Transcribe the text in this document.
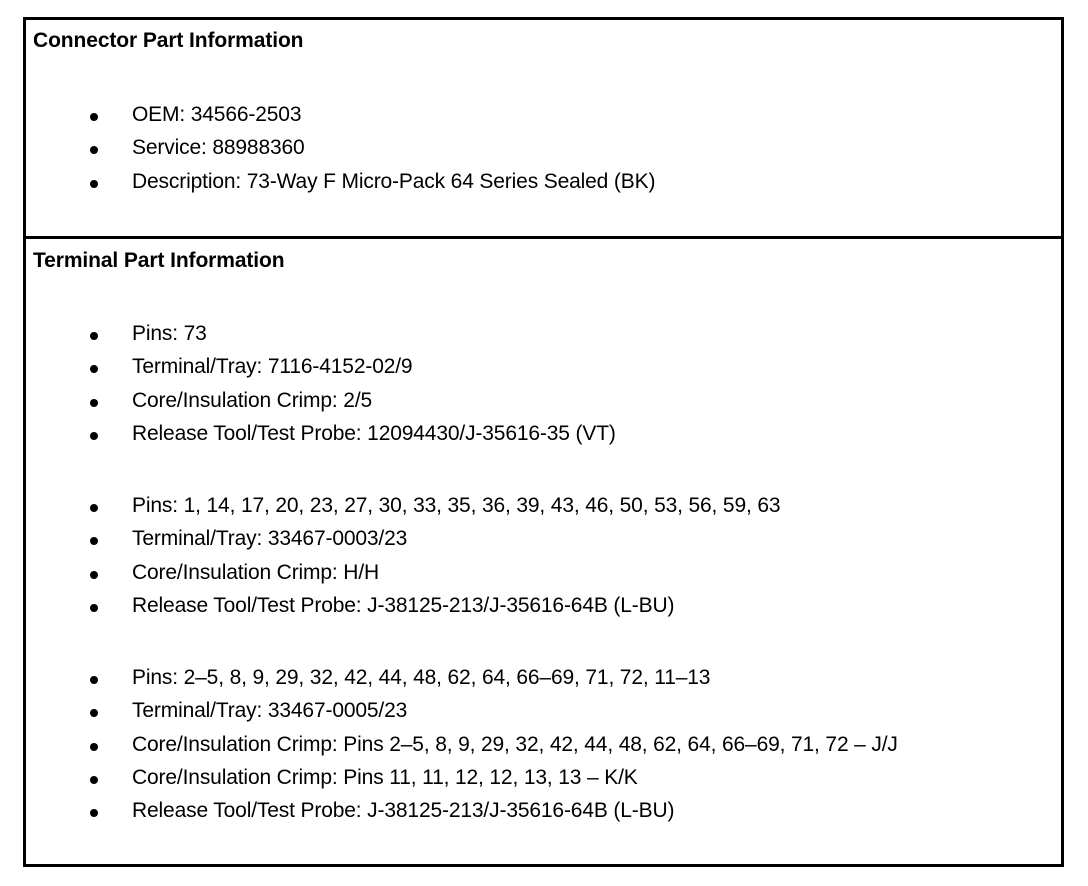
Connector Part Information
OEM: 34566-2503
Service: 88988360
Description: 73-Way F Micro-Pack 64 Series Sealed (BK)
Terminal Part Information
Pins: 73
Terminal/Tray: 7116-4152-02/9
Core/Insulation Crimp: 2/5
Release Tool/Test Probe: 12094430/J-35616-35 (VT)
Pins: 1, 14, 17, 20, 23, 27, 30, 33, 35, 36, 39, 43, 46, 50, 53, 56, 59, 63
Terminal/Tray: 33467-0003/23
Core/Insulation Crimp: H/H
Release Tool/Test Probe: J-38125-213/J-35616-64B (L-BU)
Pins: 2–5, 8, 9, 29, 32, 42, 44, 48, 62, 64, 66–69, 71, 72, 11–13
Terminal/Tray: 33467-0005/23
Core/Insulation Crimp: Pins 2–5, 8, 9, 29, 32, 42, 44, 48, 62, 64, 66–69, 71, 72 – J/J
Core/Insulation Crimp: Pins 11, 11, 12, 12, 13, 13 – K/K
Release Tool/Test Probe: J-38125-213/J-35616-64B (L-BU)
